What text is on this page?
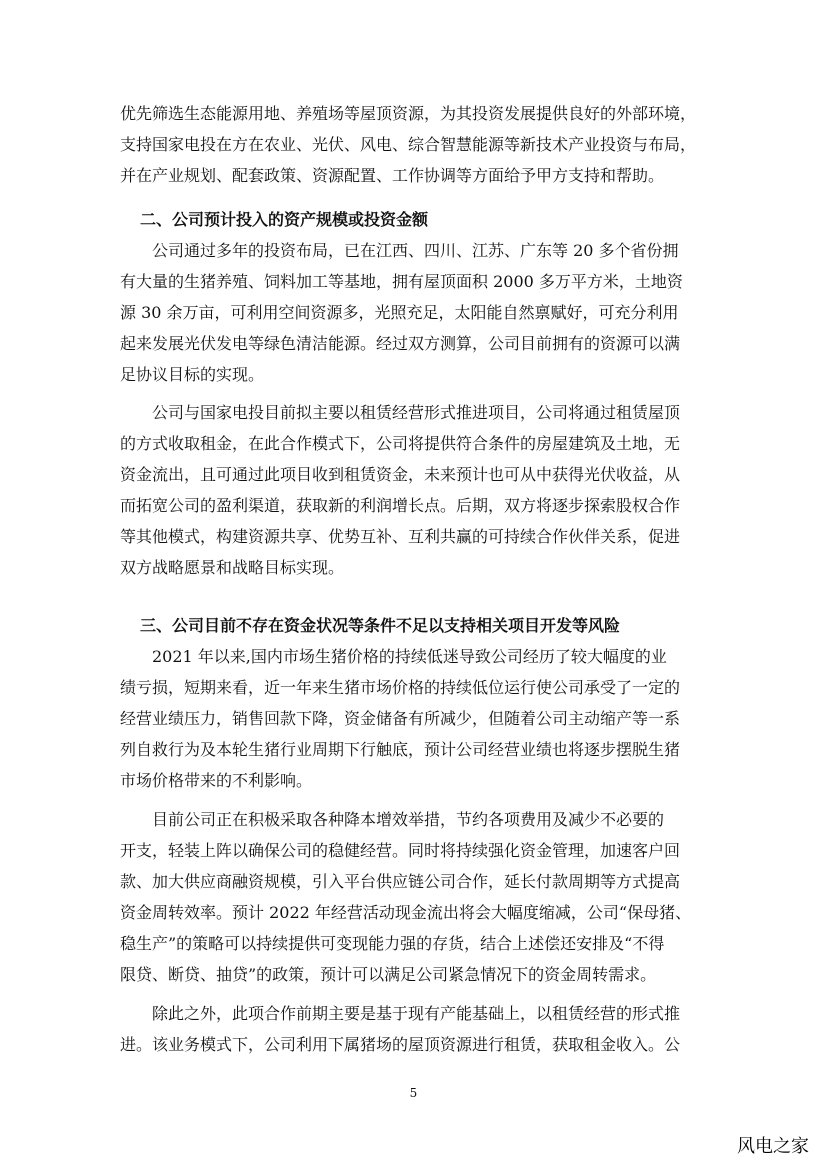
优先筛选生态能源用地、养殖场等屋顶资源，为其投资发展提供良好的外部环境，
支持国家电投在方在农业、光伏、风电、综合智慧能源等新技术产业投资与布局，
并在产业规划、配套政策、资源配置、工作协调等方面给予甲方支持和帮助。
二、公司预计投入的资产规模或投资金额
公司通过多年的投资布局，已在江西、四川、江苏、广东等 20 多个省份拥
有大量的生猪养殖、饲料加工等基地，拥有屋顶面积 2000 多万平方米，土地资
源 30 余万亩，可利用空间资源多，光照充足，太阳能自然禀赋好，可充分利用
起来发展光伏发电等绿色清洁能源。经过双方测算，公司目前拥有的资源可以满
足协议目标的实现。
公司与国家电投目前拟主要以租赁经营形式推进项目，公司将通过租赁屋顶
的方式收取租金，在此合作模式下，公司将提供符合条件的房屋建筑及土地，无
资金流出，且可通过此项目收到租赁资金，未来预计也可从中获得光伏收益，从
而拓宽公司的盈利渠道，获取新的利润增长点。后期，双方将逐步探索股权合作
等其他模式，构建资源共享、优势互补、互利共赢的可持续合作伙伴关系，促进
双方战略愿景和战略目标实现。
三、公司目前不存在资金状况等条件不足以支持相关项目开发等风险
2021 年以来,国内市场生猪价格的持续低迷导致公司经历了较大幅度的业
绩亏损，短期来看，近一年来生猪市场价格的持续低位运行使公司承受了一定的
经营业绩压力，销售回款下降，资金储备有所减少，但随着公司主动缩产等一系
列自救行为及本轮生猪行业周期下行触底，预计公司经营业绩也将逐步摆脱生猪
市场价格带来的不利影响。
目前公司正在积极采取各种降本增效举措，节约各项费用及减少不必要的
开支，轻装上阵以确保公司的稳健经营。同时将持续强化资金管理，加速客户回
款、加大供应商融资规模，引入平台供应链公司合作，延长付款周期等方式提高
资金周转效率。预计 2022 年经营活动现金流出将会大幅度缩减，公司“保母猪、
稳生产”的策略可以持续提供可变现能力强的存货，结合上述偿还安排及“不得
限贷、断贷、抽贷”的政策，预计可以满足公司紧急情况下的资金周转需求。
除此之外，此项合作前期主要是基于现有产能基础上，以租赁经营的形式推
进。该业务模式下，公司利用下属猪场的屋顶资源进行租赁，获取租金收入。公
5
风电之家
